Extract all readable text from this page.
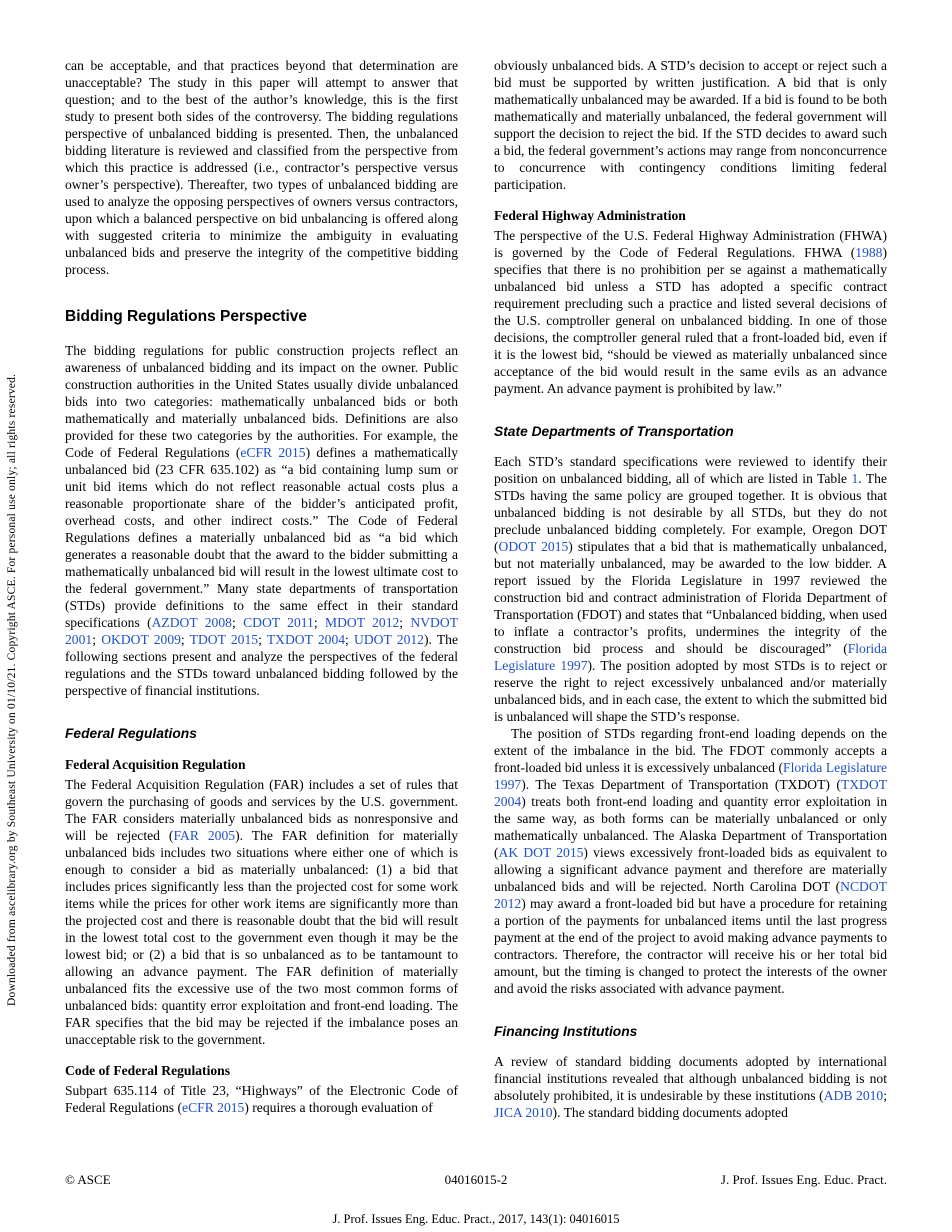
Downloaded from ascelibrary.org by Southeast University on 01/10/21. Copyright ASCE. For personal use only; all rights reserved.

can be acceptable, and that practices beyond that determination are unacceptable? The study in this paper will attempt to answer that question; and to the best of the author’s knowledge, this is the first study to present both sides of the controversy. The bidding regulations perspective of unbalanced bidding is presented. Then, the unbalanced bidding literature is reviewed and classified from the perspective from which this practice is addressed (i.e., contractor’s perspective versus owner’s perspective). Thereafter, two types of unbalanced bidding are used to analyze the opposing perspectives of owners versus contractors, upon which a balanced perspective on bid unbalancing is offered along with suggested criteria to minimize the ambiguity in evaluating unbalanced bids and preserve the integrity of the competitive bidding process.

Bidding Regulations Perspective

The bidding regulations for public construction projects reflect an awareness of unbalanced bidding and its impact on the owner. Public construction authorities in the United States usually divide unbalanced bids into two categories: mathematically unbalanced bids or both mathematically and materially unbalanced bids. Definitions are also provided for these two categories by the authorities. For example, the Code of Federal Regulations (eCFR 2015) defines a mathematically unbalanced bid (23 CFR 635.102) as “a bid containing lump sum or unit bid items which do not reflect reasonable actual costs plus a reasonable proportionate share of the bidder’s anticipated profit, overhead costs, and other indirect costs.” The Code of Federal Regulations defines a materially unbalanced bid as “a bid which generates a reasonable doubt that the award to the bidder submitting a mathematically unbalanced bid will result in the lowest ultimate cost to the federal government.” Many state departments of transportation (STDs) provide definitions to the same effect in their standard specifications (AZDOT 2008; CDOT 2011; MDOT 2012; NVDOT 2001; OKDOT 2009; TDOT 2015; TXDOT 2004; UDOT 2012). The following sections present and analyze the perspectives of the federal regulations and the STDs toward unbalanced bidding followed by the perspective of financial institutions.

Federal Regulations
Federal Acquisition Regulation

The Federal Acquisition Regulation (FAR) includes a set of rules that govern the purchasing of goods and services by the U.S. government. The FAR considers materially unbalanced bids as nonresponsive and will be rejected (FAR 2005). The FAR definition for materially unbalanced bids includes two situations where either one of which is enough to consider a bid as materially unbalanced: (1) a bid that includes prices significantly less than the projected cost for some work items while the prices for other work items are significantly more than the projected cost and there is reasonable doubt that the bid will result in the lowest total cost to the government even though it may be the lowest bid; or (2) a bid that is so unbalanced as to be tantamount to allowing an advance payment. The FAR definition of materially unbalanced fits the excessive use of the two most common forms of unbalanced bids: quantity error exploitation and front-end loading. The FAR specifies that the bid may be rejected if the imbalance poses an unacceptable risk to the government.

Code of Federal Regulations

Subpart 635.114 of Title 23, “Highways” of the Electronic Code of Federal Regulations (eCFR 2015) requires a thorough evaluation of

obviously unbalanced bids. A STD’s decision to accept or reject such a bid must be supported by written justification. A bid that is only mathematically unbalanced may be awarded. If a bid is found to be both mathematically and materially unbalanced, the federal government will support the decision to reject the bid. If the STD decides to award such a bid, the federal government’s actions may range from nonconcurrence to concurrence with contingency conditions limiting federal participation.

Federal Highway Administration

The perspective of the U.S. Federal Highway Administration (FHWA) is governed by the Code of Federal Regulations. FHWA (1988) specifies that there is no prohibition per se against a mathematically unbalanced bid unless a STD has adopted a specific contract requirement precluding such a practice and listed several decisions of the U.S. comptroller general on unbalanced bidding. In one of those decisions, the comptroller general ruled that a front-loaded bid, even if it is the lowest bid, “should be viewed as materially unbalanced since acceptance of the bid would result in the same evils as an advance payment. An advance payment is prohibited by law.”

State Departments of Transportation

Each STD’s standard specifications were reviewed to identify their position on unbalanced bidding, all of which are listed in Table 1. The STDs having the same policy are grouped together. It is obvious that unbalanced bidding is not desirable by all STDs, but they do not preclude unbalanced bidding completely. For example, Oregon DOT (ODOT 2015) stipulates that a bid that is mathematically unbalanced, but not materially unbalanced, may be awarded to the low bidder. A report issued by the Florida Legislature in 1997 reviewed the construction bid and contract administration of Florida Department of Transportation (FDOT) and states that “Unbalanced bidding, when used to inflate a contractor’s profits, undermines the integrity of the construction bid process and should be discouraged” (Florida Legislature 1997). The position adopted by most STDs is to reject or reserve the right to reject excessively unbalanced and/or materially unbalanced bids, and in each case, the extent to which the submitted bid is unbalanced will shape the STD’s response.

The position of STDs regarding front-end loading depends on the extent of the imbalance in the bid. The FDOT commonly accepts a front-loaded bid unless it is excessively unbalanced (Florida Legislature 1997). The Texas Department of Transportation (TXDOT) (TXDOT 2004) treats both front-end loading and quantity error exploitation in the same way, as both forms can be materially unbalanced or only mathematically unbalanced. The Alaska Department of Transportation (AK DOT 2015) views excessively front-loaded bids as equivalent to allowing a significant advance payment and therefore are materially unbalanced bids and will be rejected. North Carolina DOT (NCDOT 2012) may award a front-loaded bid but have a procedure for retaining a portion of the payments for unbalanced items until the last progress payment at the end of the project to avoid making advance payments to contractors. Therefore, the contractor will receive his or her total bid amount, but the timing is changed to protect the interests of the owner and avoid the risks associated with advance payment.

Financing Institutions

A review of standard bidding documents adopted by international financial institutions revealed that although unbalanced bidding is not absolutely prohibited, it is undesirable by these institutions (ADB 2010; JICA 2010). The standard bidding documents adopted

© ASCE	04016015-2	J. Prof. Issues Eng. Educ. Pract.
J. Prof. Issues Eng. Educ. Pract., 2017, 143(1): 04016015
